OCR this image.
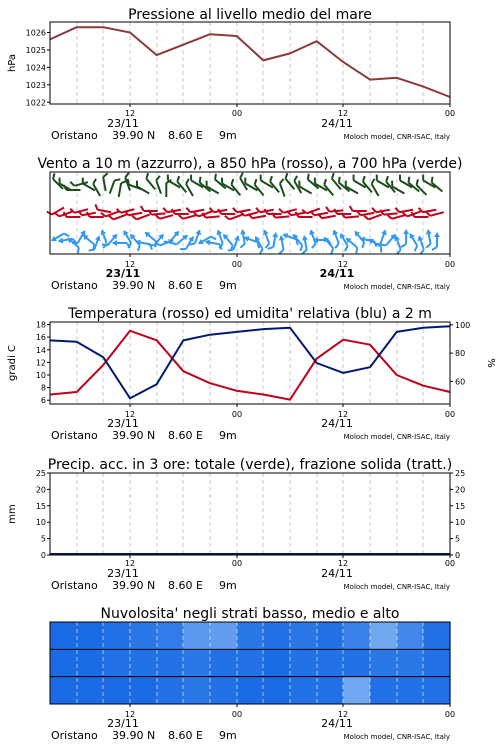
Pressione al livello medio del mare
1022
1023
1024
1025
1026
hPa
12	00	12	00
23/11	24/11
Oristano 39.90 N 8.60 E 9m	Moloch model, CNR-ISAC, Italy
Vento a 10 m (azzurro), a 850 hPa (rosso), a 700 hPa (verde)
12	00	12	00
23/11	24/11
Oristano 39.90 N 8.60 E 9m	Moloch model, CNR-ISAC, Italy
Temperatura (rosso) ed umidita' relativa (blu) a 2 m
6
8
10
12
14
16
18
60
80
100
gradi C	%
12	00	12	00
23/11	24/11
Oristano 39.90 N 8.60 E 9m	Moloch model, CNR-ISAC, Italy
Precip. acc. in 3 ore: totale (verde), frazione solida (tratt.)
0
5
10
15
20
25
0
5
10
15
20
25
mm
12	00	12	00
23/11	24/11
Oristano 39.90 N 8.60 E 9m	Moloch model, CNR-ISAC, Italy
Nuvolosita' negli strati basso, medio e alto
12	00	12	00
23/11	24/11
Oristano 39.90 N 8.60 E 9m	Moloch model, CNR-ISAC, Italy
